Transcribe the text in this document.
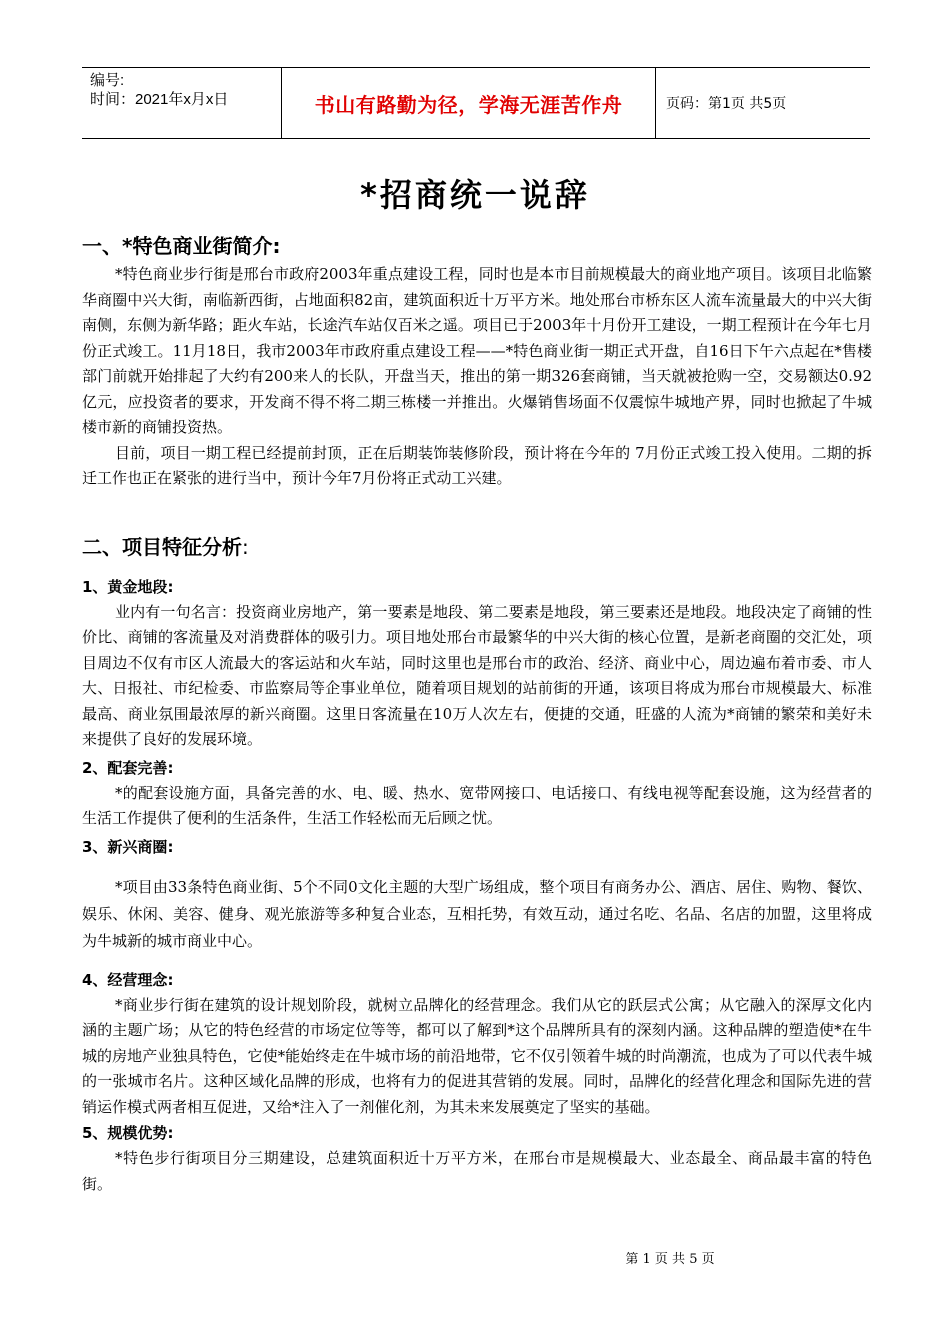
编号:
时间：2021年x月x日	书山有路勤为径，学海无涯苦作舟	页码：第1页 共5页
*招商统一说辞

一、*特色商业街简介:

*特色商业步行街是邢台市政府2003年重点建设工程，同时也是本市目前规模最大的商业地产项目。该项目北临繁华商圈中兴大街，南临新西街，占地面积82亩，建筑面积近十万平方米。地处邢台市桥东区人流车流量最大的中兴大街南侧，东侧为新华路；距火车站，长途汽车站仅百米之遥。项目已于2003年十月份开工建设，一期工程预计在今年七月份正式竣工。11月18日，我市2003年市政府重点建设工程——*特色商业街一期正式开盘，自16日下午六点起在*售楼部门前就开始排起了大约有200来人的长队，开盘当天，推出的第一期326套商铺，当天就被抢购一空，交易额达0.92亿元，应投资者的要求，开发商不得不将二期三栋楼一并推出。火爆销售场面不仅震惊牛城地产界，同时也掀起了牛城楼市新的商铺投资热。

目前，项目一期工程已经提前封顶，正在后期装饰装修阶段，预计将在今年的 7月份正式竣工投入使用。二期的拆迁工作也正在紧张的进行当中，预计今年7月份将正式动工兴建。

二、项目特征分析:

1、黄金地段:

业内有一句名言：投资商业房地产，第一要素是地段、第二要素是地段，第三要素还是地段。地段决定了商铺的性价比、商铺的客流量及对消费群体的吸引力。项目地处邢台市最繁华的中兴大街的核心位置，是新老商圈的交汇处，项目周边不仅有市区人流最大的客运站和火车站，同时这里也是邢台市的政治、经济、商业中心，周边遍布着市委、市人大、日报社、市纪检委、市监察局等企事业单位，随着项目规划的站前街的开通，该项目将成为邢台市规模最大、标准最高、商业氛围最浓厚的新兴商圈。这里日客流量在10万人次左右，便捷的交通，旺盛的人流为*商铺的繁荣和美好未来提供了良好的发展环境。

2、配套完善:

*的配套设施方面，具备完善的水、电、暖、热水、宽带网接口、电话接口、有线电视等配套设施，这为经营者的生活工作提供了便利的生活条件，生活工作轻松而无后顾之忧。

3、新兴商圈:

*项目由33条特色商业街、5个不同0文化主题的大型广场组成，整个项目有商务办公、酒店、居住、购物、餐饮、娱乐、休闲、美容、健身、观光旅游等多种复合业态，互相托势，有效互动，通过名吃、名品、名店的加盟，这里将成为牛城新的城市商业中心。

4、经营理念:

*商业步行街在建筑的设计规划阶段，就树立品牌化的经营理念。我们从它的跃层式公寓；从它融入的深厚文化内涵的主题广场；从它的特色经营的市场定位等等，都可以了解到*这个品牌所具有的深刻内涵。这种品牌的塑造使*在牛城的房地产业独具特色，它使*能始终走在牛城市场的前沿地带，它不仅引领着牛城的时尚潮流，也成为了可以代表牛城的一张城市名片。这种区域化品牌的形成，也将有力的促进其营销的发展。同时，品牌化的经营化理念和国际先进的营销运作模式两者相互促进，又给*注入了一剂催化剂，为其未来发展奠定了坚实的基础。

5、规模优势:

*特色步行街项目分三期建设，总建筑面积近十万平方米，在邢台市是规模最大、业态最全、商品最丰富的特色街。

第 1 页 共 5 页
